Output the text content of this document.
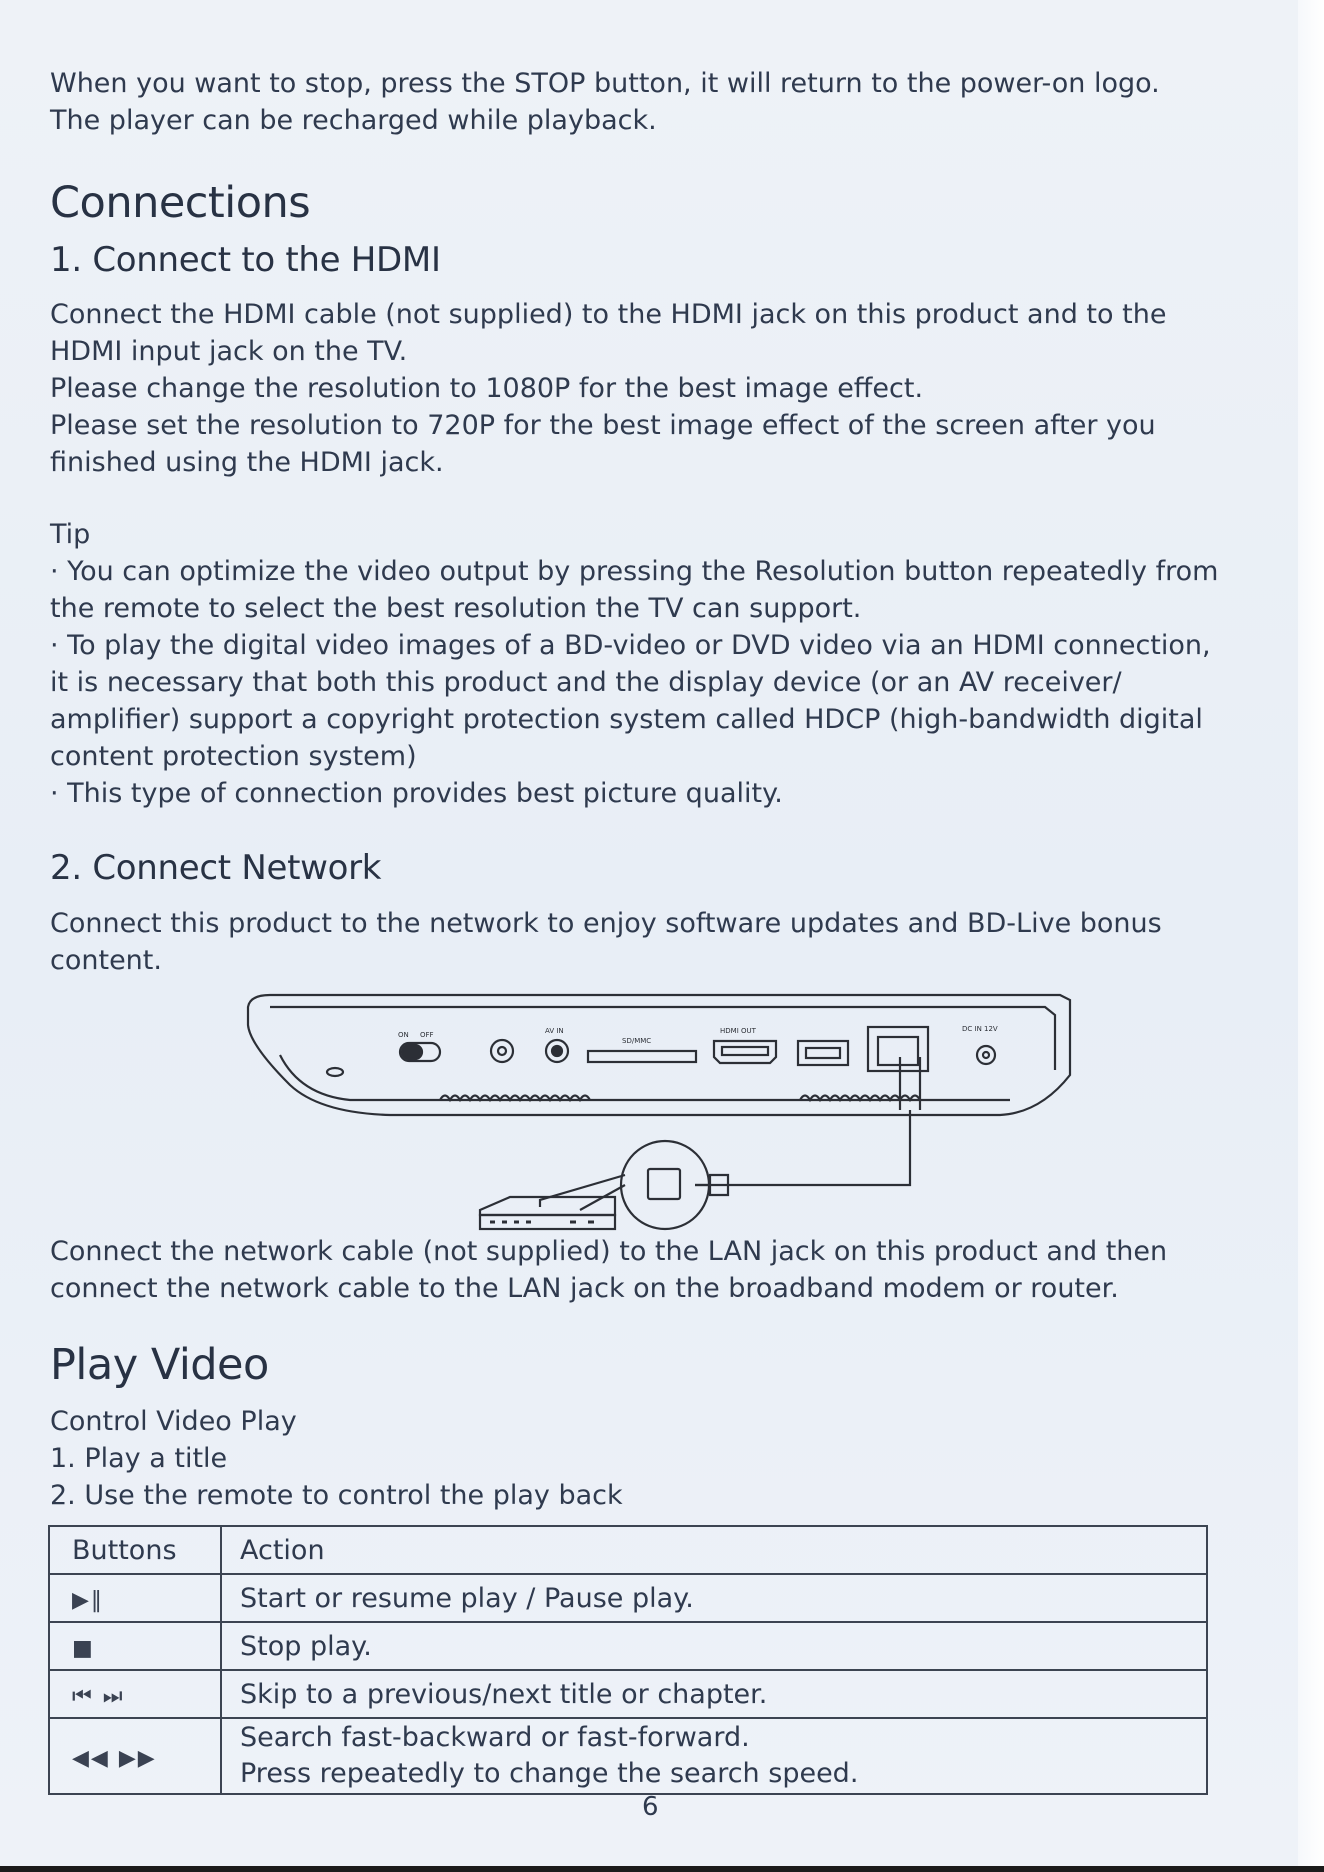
When you want to stop, press the STOP button, it will return to the power-on logo.
The player can be recharged while playback.

Connections
1. Connect to the HDMI
Connect the HDMI cable (not supplied) to the HDMI jack on this product and to the
HDMI input jack on the TV.
Please change the resolution to 1080P for the best image effect.
Please set the resolution to 720P for the best image effect of the screen after you
finished using the HDMI jack.
Tip
· You can optimize the video output by pressing the Resolution button repeatedly from
the remote to select the best resolution the TV can support.
· To play the digital video images of a BD-video or DVD video via an HDMI connection,
it is necessary that both this product and the display device (or an AV receiver/
amplifier) support a copyright protection system called HDCP (high-bandwidth digital
content protection system)
· This type of connection provides best picture quality.
2. Connect Network
Connect this product to the network to enjoy software updates and BD-Live bonus
content.
ON OFF	AV IN
SD/MMC
HDMI OUT	DC IN 12V
Connect the network cable (not supplied) to the LAN jack on this product and then
connect the network cable to the LAN jack on the broadband modem or router.
Play Video
Control Video Play
1. Play a title
2. Use the remote to control the play back
Buttons	Action
▶‖	Start or resume play / Pause play.
■	Stop play.
⏮ ⏭	Skip to a previous/next title or chapter.
◀◀ ▶▶	Search fast-backward or fast-forward.
Press repeatedly to change the search speed.
6
